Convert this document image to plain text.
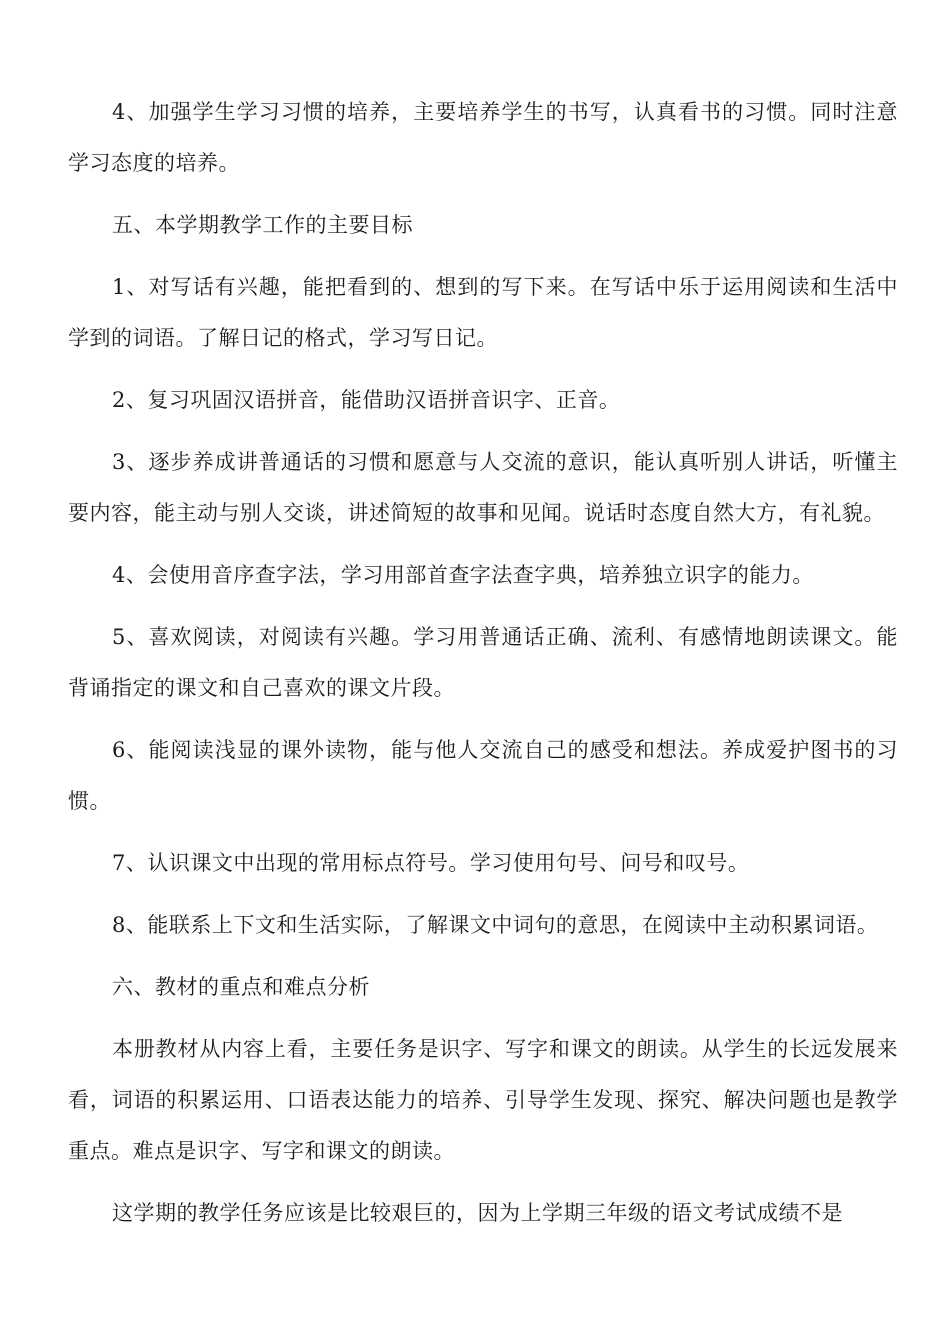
4、加强学生学习习惯的培养，主要培养学生的书写，认真看书的习惯。同时注意学习态度的培养。

五、本学期教学工作的主要目标

1、对写话有兴趣，能把看到的、想到的写下来。在写话中乐于运用阅读和生活中学到的词语。了解日记的格式，学习写日记。

2、复习巩固汉语拼音，能借助汉语拼音识字、正音。

3、逐步养成讲普通话的习惯和愿意与人交流的意识，能认真听别人讲话，听懂主要内容，能主动与别人交谈，讲述简短的故事和见闻。说话时态度自然大方，有礼貌。

4、会使用音序查字法，学习用部首查字法查字典，培养独立识字的能力。

5、喜欢阅读，对阅读有兴趣。学习用普通话正确、流利、有感情地朗读课文。能背诵指定的课文和自己喜欢的课文片段。

6、能阅读浅显的课外读物，能与他人交流自己的感受和想法。养成爱护图书的习惯。

7、认识课文中出现的常用标点符号。学习使用句号、问号和叹号。

8、能联系上下文和生活实际，了解课文中词句的意思，在阅读中主动积累词语。

六、教材的重点和难点分析

本册教材从内容上看，主要任务是识字、写字和课文的朗读。从学生的长远发展来看，词语的积累运用、口语表达能力的培养、引导学生发现、探究、解决问题也是教学重点。难点是识字、写字和课文的朗读。

这学期的教学任务应该是比较艰巨的，因为上学期三年级的语文考试成绩不是
